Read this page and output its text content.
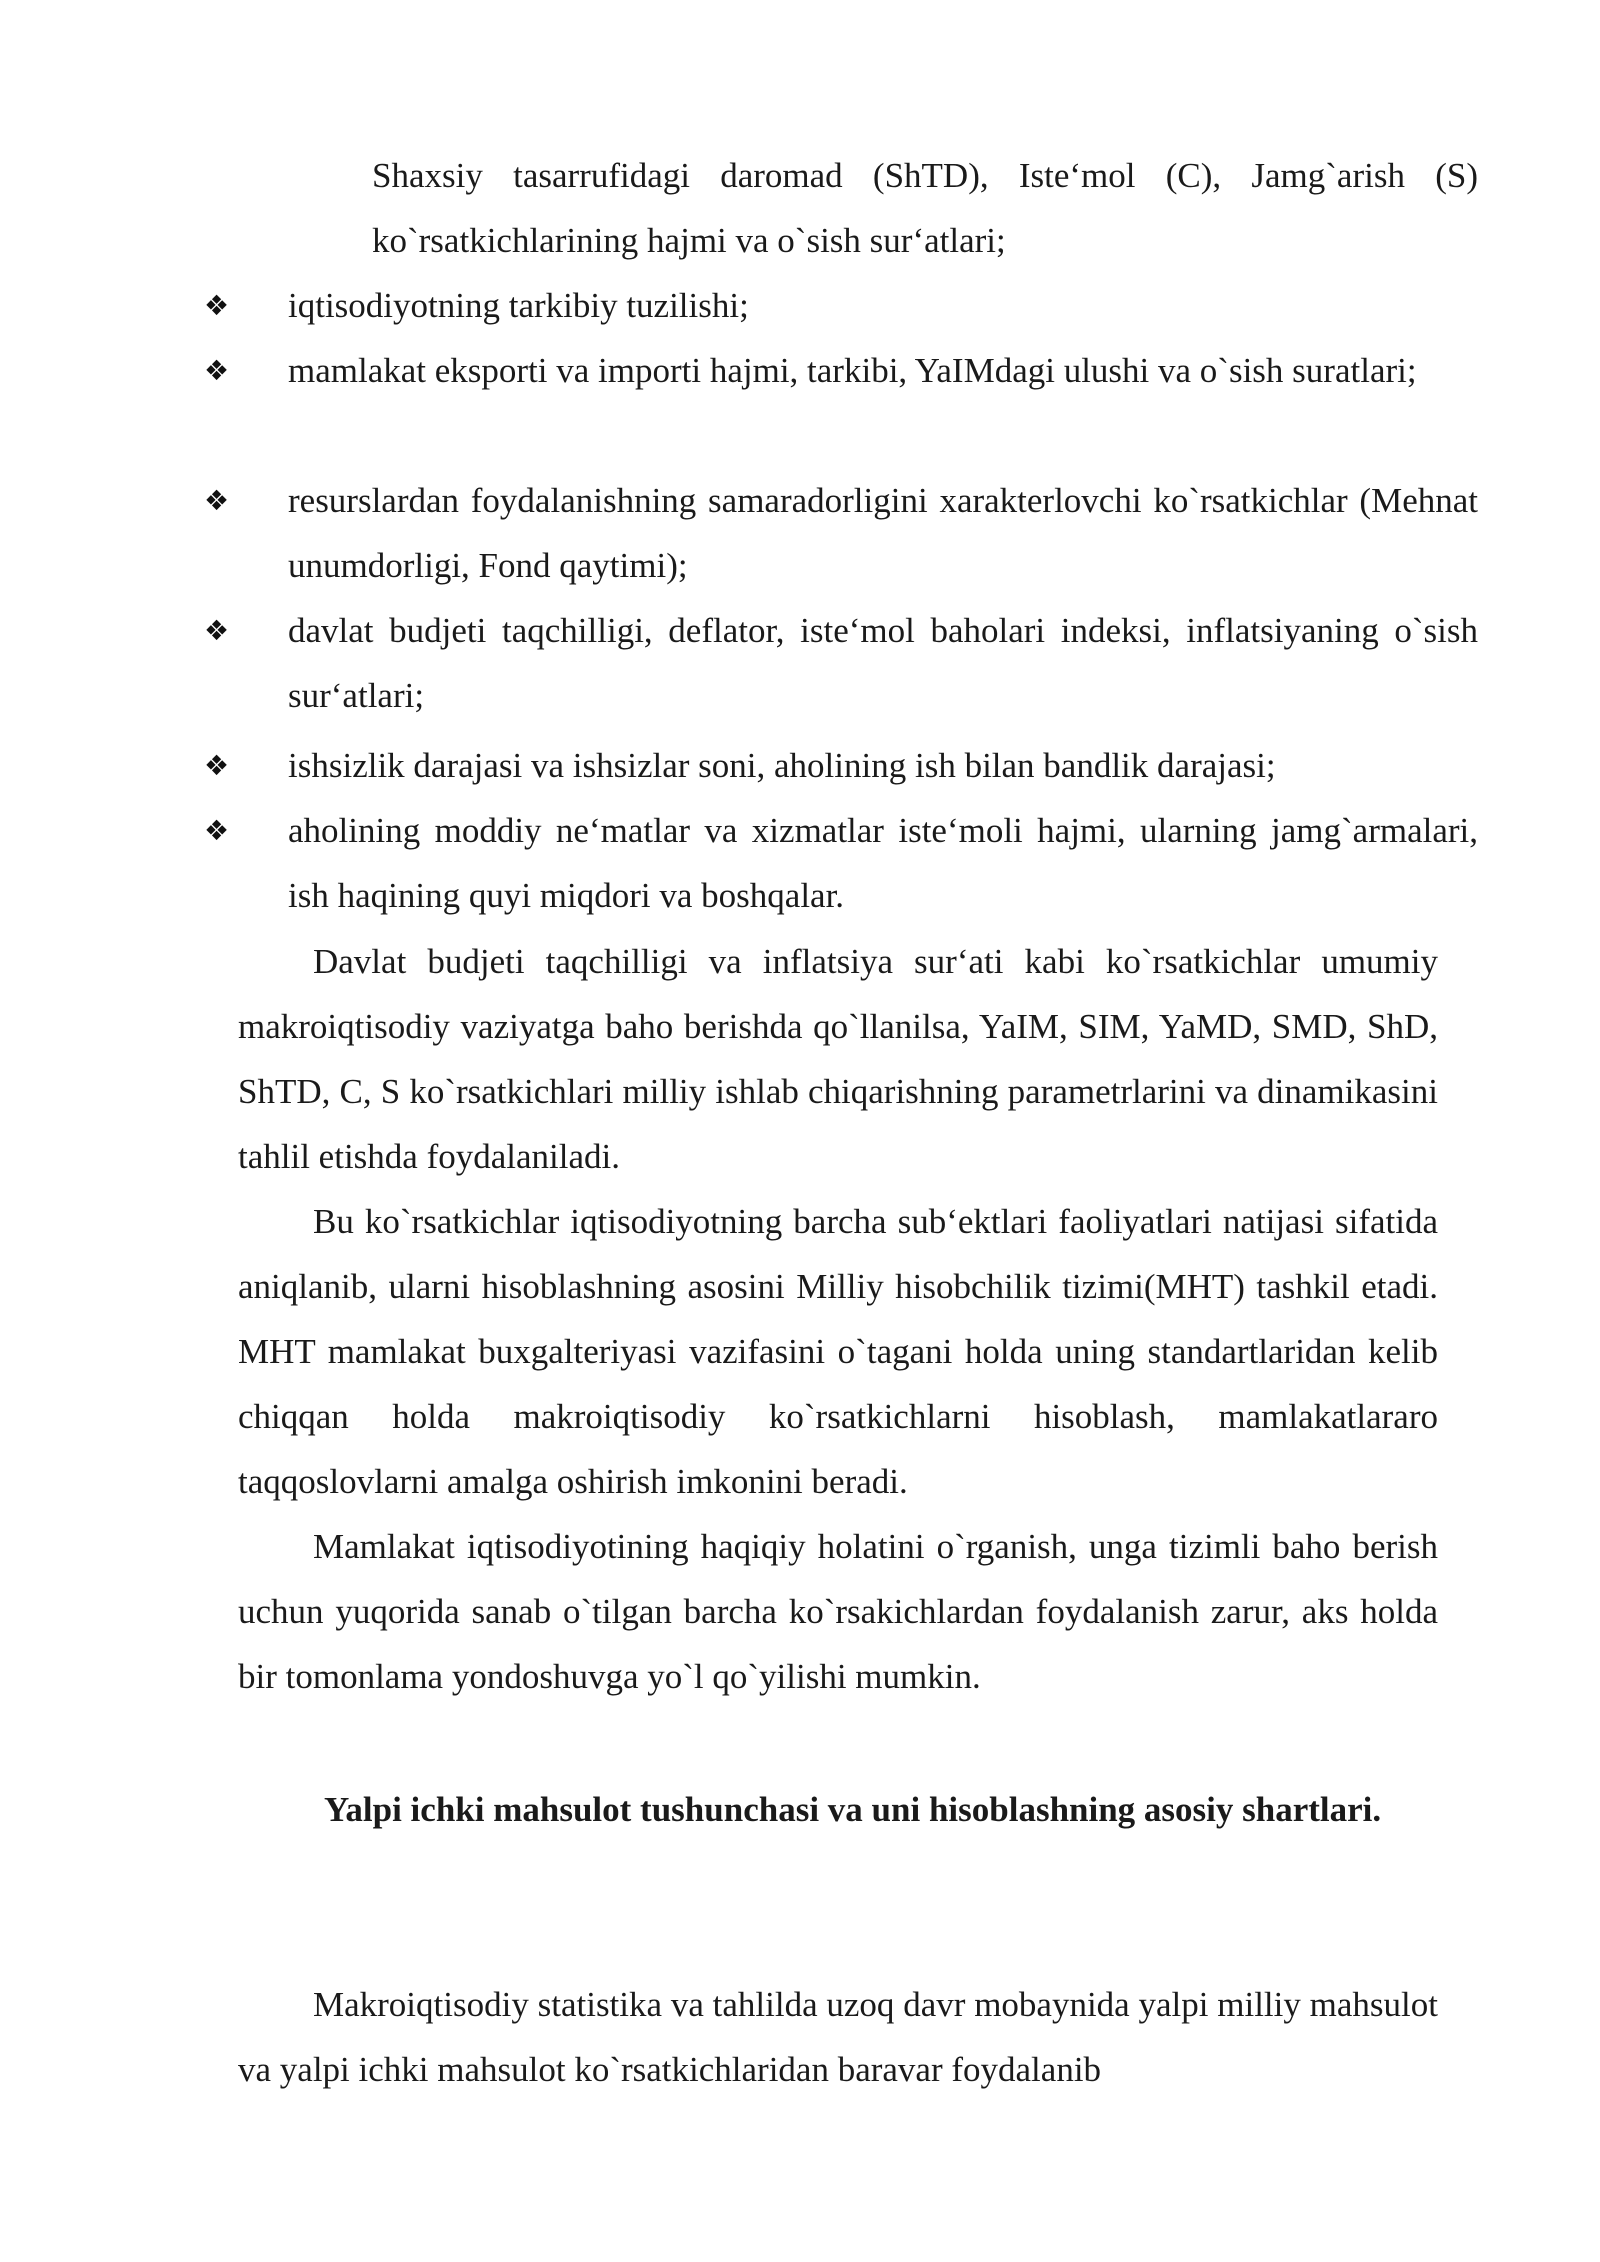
Shaxsiy tasarrufidagi daromad (ShTD), Iste‘mol (C), Jamg`arish (S) ko`rsatkichlarining hajmi va o`sish sur‘atlari;
❖	iqtisodiyotning tarkibiy tuzilishi;
❖	mamlakat eksporti va importi hajmi, tarkibi, YaIMdagi ulushi va o`sish suratlari;
❖	resurslardan foydalanishning samaradorligini xarakterlovchi ko`rsatkichlar (Mehnat unumdorligi, Fond qaytimi);
❖	davlat budjeti taqchilligi, deflator, iste‘mol baholari indeksi, inflatsiyaning o`sish sur‘atlari;
❖	ishsizlik darajasi va ishsizlar soni, aholining ish bilan bandlik darajasi;
❖	aholining moddiy ne‘matlar va xizmatlar iste‘moli hajmi, ularning jamg`armalari, ish haqining quyi miqdori va boshqalar.
Davlat budjeti taqchilligi va inflatsiya sur‘ati kabi ko`rsatkichlar umumiy makroiqtisodiy vaziyatga baho berishda qo`llanilsa, YaIM, SIM, YaMD, SMD, ShD, ShTD, C, S ko`rsatkichlari milliy ishlab chiqarishning parametrlarini va dinamikasini tahlil etishda foydalaniladi.
Bu ko`rsatkichlar iqtisodiyotning barcha sub‘ektlari faoliyatlari natijasi sifatida aniqlanib, ularni hisoblashning asosini Milliy hisobchilik tizimi(MHT) tashkil etadi. MHT mamlakat buxgalteriyasi vazifasini o`tagani holda uning standartlaridan kelib chiqqan holda makroiqtisodiy ko`rsatkichlarni hisoblash, mamlakatlararo taqqoslovlarni amalga oshirish imkonini beradi.
Mamlakat iqtisodiyotining haqiqiy holatini o`rganish, unga tizimli baho berish uchun yuqorida sanab o`tilgan barcha ko`rsakichlardan foydalanish zarur, aks holda bir tomonlama yondoshuvga yo`l qo`yilishi mumkin.
Yalpi ichki mahsulot tushunchasi va uni hisoblashning asosiy shartlari.
Makroiqtisodiy statistika va tahlilda uzoq davr mobaynida yalpi milliy mahsulot va yalpi ichki mahsulot ko`rsatkichlaridan baravar foydalanib
